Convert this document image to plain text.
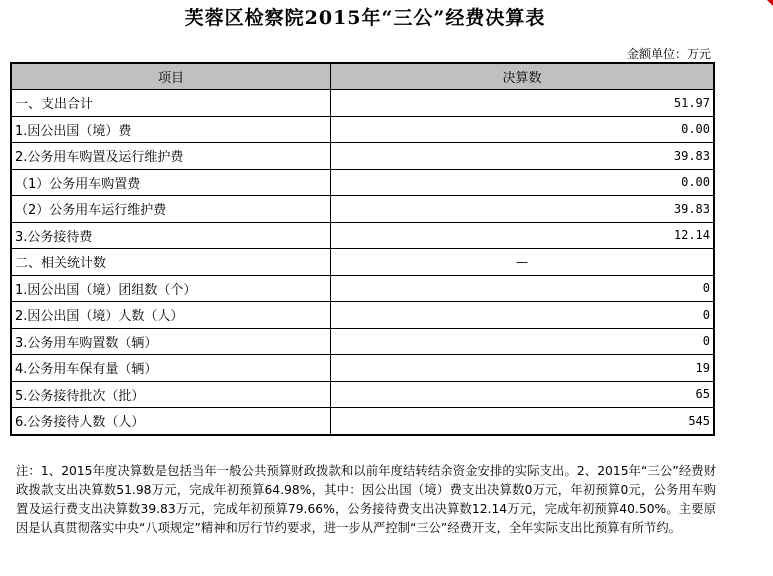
芙蓉区检察院2015年“三公”经费决算表
金额单位：万元
项目	决算数
一、支出合计	51.97
1.因公出国（境）费	0.00
2.公务用车购置及运行维护费	39.83
（1）公务用车购置费	0.00
（2）公务用车运行维护费	39.83
3.公务接待费	12.14
二、相关统计数	—
1.因公出国（境）团组数（个）	0
2.因公出国（境）人数（人）	0
3.公务用车购置数（辆）	0
4.公务用车保有量（辆）	19
5.公务接待批次（批）	65
6.公务接待人数（人）	545
注：1、2015年度决算数是包括当年一般公共预算财政拨款和以前年度结转结余资金安排的实际支出。2、2015年“三公”经费财政拨款支出决算数51.98万元，完成年初预算64.98%，其中：因公出国（境）费支出决算数0万元，年初预算0元，公务用车购置及运行费支出决算数39.83万元，完成年初预算79.66%，公务接待费支出决算数12.14万元，完成年初预算40.50%。主要原因是认真贯彻落实中央“八项规定”精神和厉行节约要求，进一步从严控制“三公”经费开支，全年实际支出比预算有所节约。
